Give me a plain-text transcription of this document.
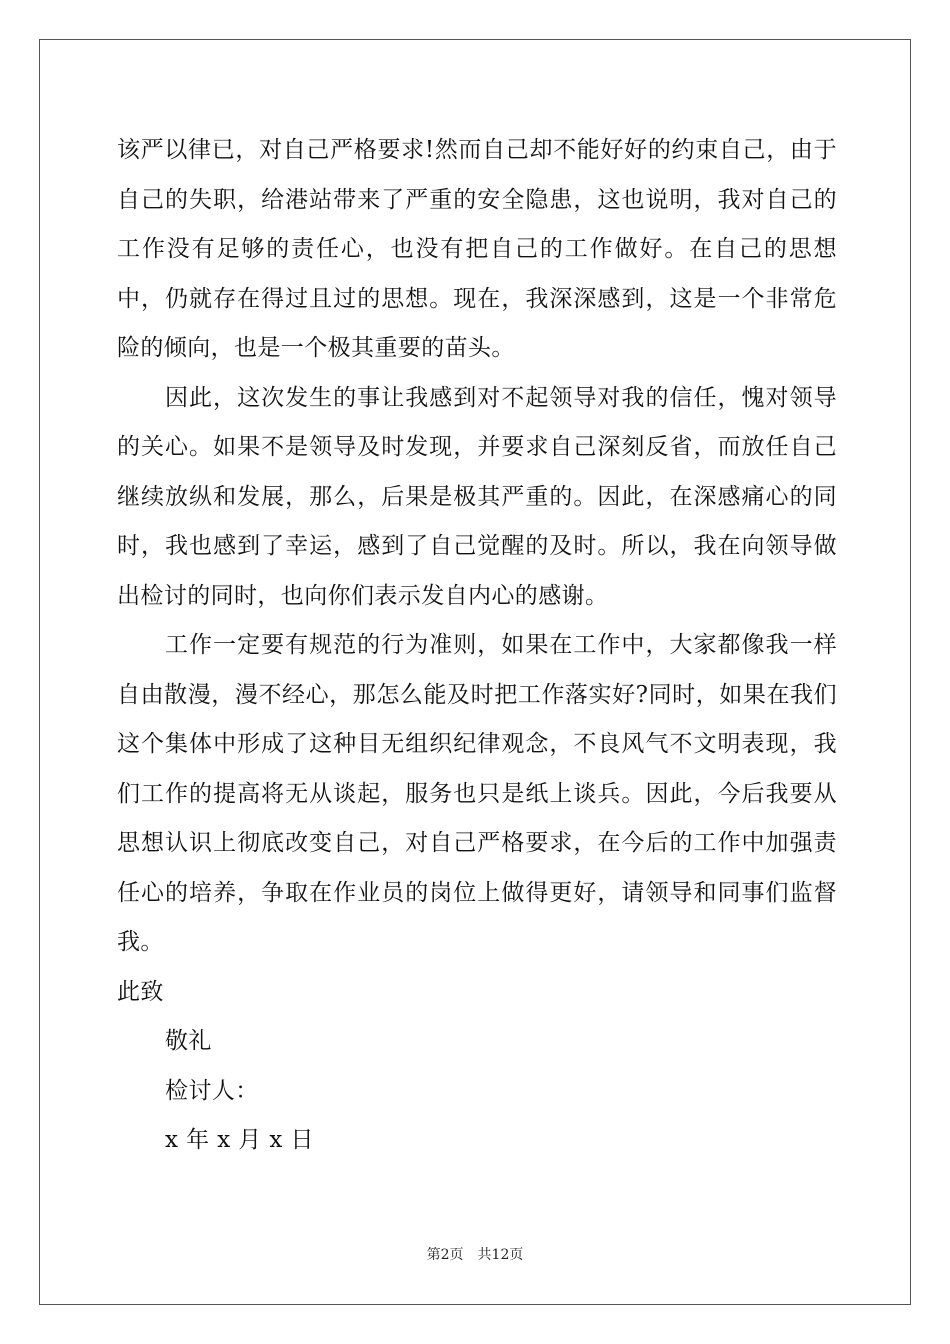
该严以律已，对自己严格要求!然而自己却不能好好的约束自己，由于自己的失职，给港站带来了严重的安全隐患，这也说明，我对自己的工作没有足够的责任心，也没有把自己的工作做好。在自己的思想中，仍就存在得过且过的思想。现在，我深深感到，这是一个非常危险的倾向，也是一个极其重要的苗头。

因此，这次发生的事让我感到对不起领导对我的信任，愧对领导的关心。如果不是领导及时发现，并要求自己深刻反省，而放任自己继续放纵和发展，那么，后果是极其严重的。因此，在深感痛心的同时，我也感到了幸运，感到了自己觉醒的及时。所以，我在向领导做出检讨的同时，也向你们表示发自内心的感谢。

工作一定要有规范的行为准则，如果在工作中，大家都像我一样自由散漫，漫不经心，那怎么能及时把工作落实好?同时，如果在我们这个集体中形成了这种目无组织纪律观念，不良风气不文明表现，我们工作的提高将无从谈起，服务也只是纸上谈兵。因此，今后我要从思想认识上彻底改变自己，对自己严格要求，在今后的工作中加强责任心的培养，争取在作业员的岗位上做得更好，请领导和同事们监督我。

此致

敬礼

检讨人：

x 年 x 月 x 日

第2页 共12页
